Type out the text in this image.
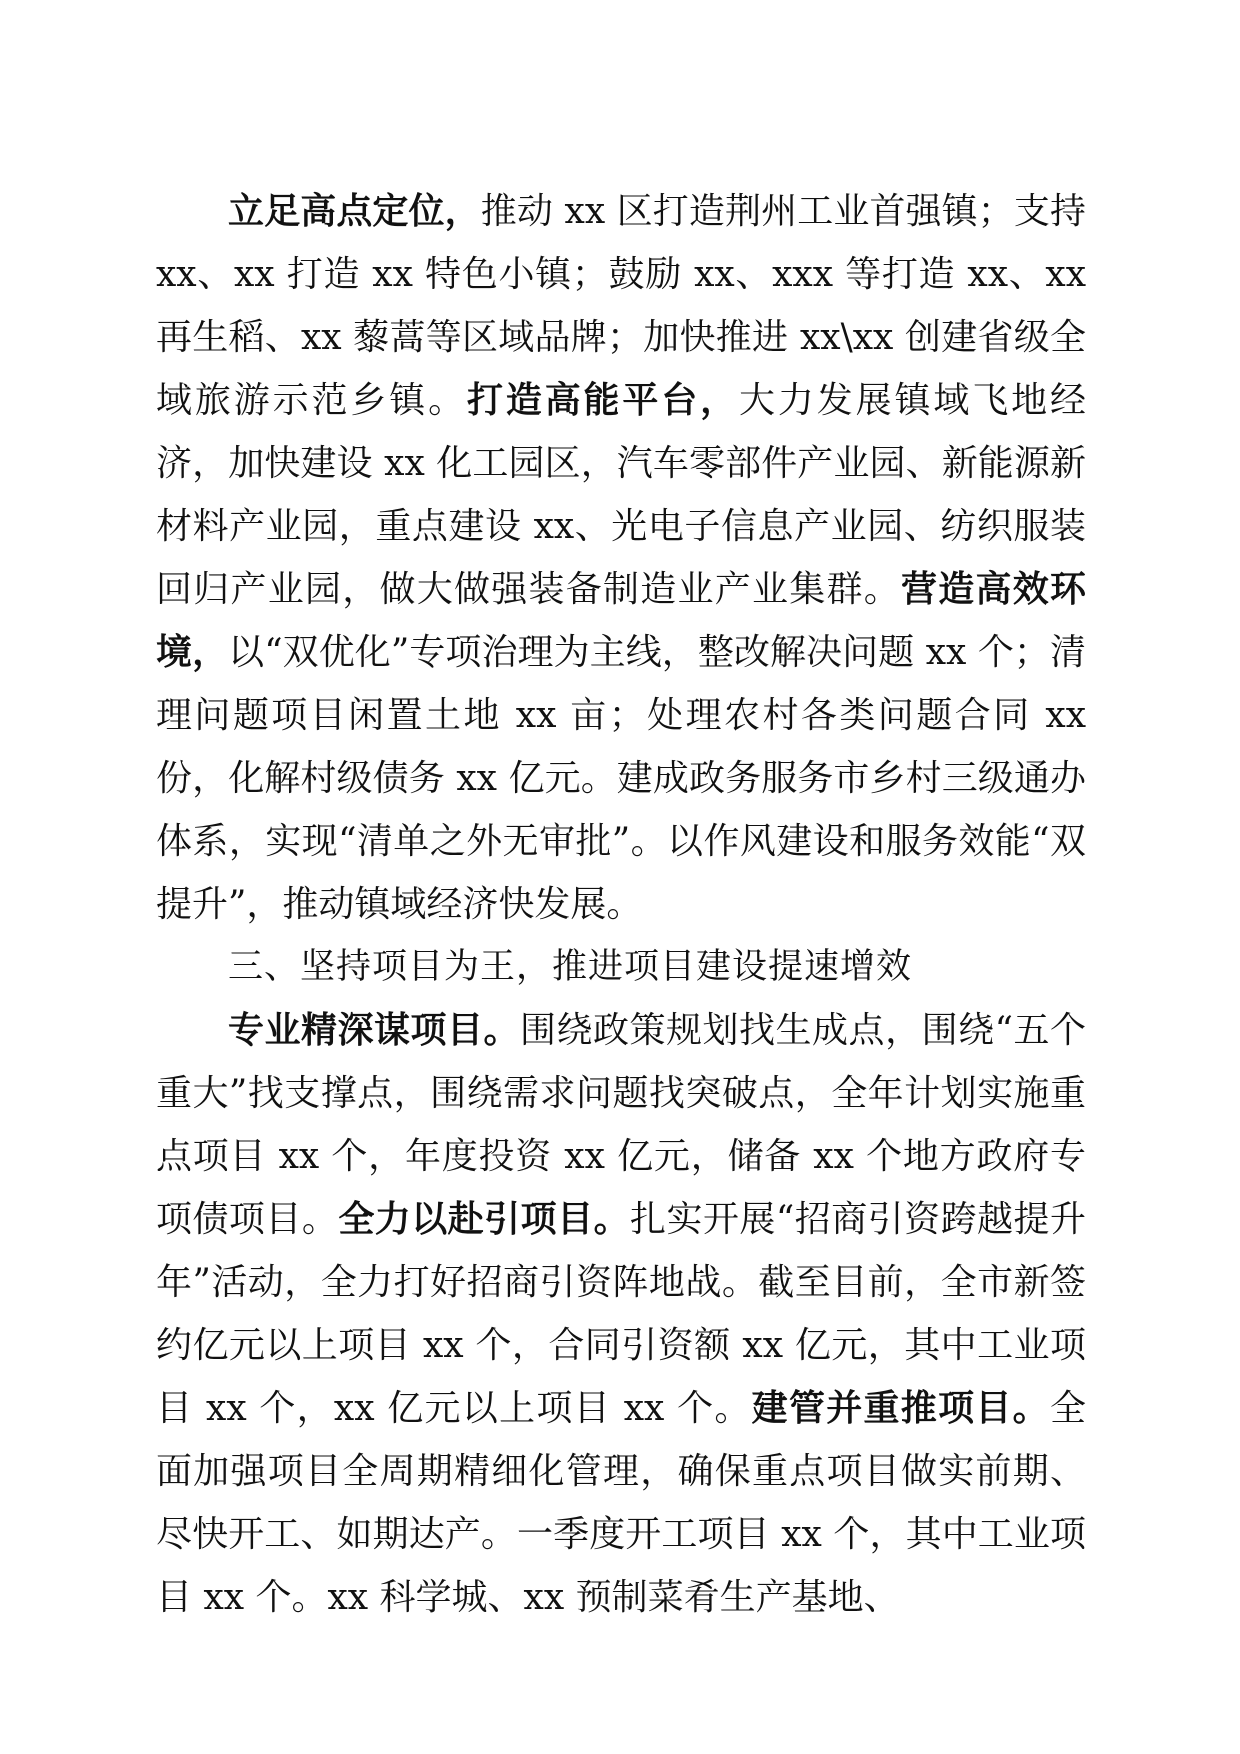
立足高点定位，推动 xx 区打造荆州工业首强镇；支持 xx、xx 打造 xx 特色小镇；鼓励 xx、xxx 等打造 xx、xx 再生稻、xx 藜蒿等区域品牌；加快推进 xx\xx 创建省级全域旅游示范乡镇。打造高能平台，大力发展镇域飞地经济，加快建设 xx 化工园区，汽车零部件产业园、新能源新材料产业园，重点建设 xx、光电子信息产业园、纺织服装回归产业园，做大做强装备制造业产业集群。营造高效环境，以“双优化”专项治理为主线，整改解决问题 xx 个；清理问题项目闲置土地 xx 亩；处理农村各类问题合同 xx 份，化解村级债务 xx 亿元。建成政务服务市乡村三级通办体系，实现“清单之外无审批”。以作风建设和服务效能“双提升”，推动镇域经济快发展。

三、坚持项目为王，推进项目建设提速增效

专业精深谋项目。围绕政策规划找生成点，围绕“五个重大”找支撑点，围绕需求问题找突破点，全年计划实施重点项目 xx 个，年度投资 xx 亿元，储备 xx 个地方政府专项债项目。全力以赴引项目。扎实开展“招商引资跨越提升年”活动，全力打好招商引资阵地战。截至目前，全市新签约亿元以上项目 xx 个，合同引资额 xx 亿元，其中工业项目 xx 个，xx 亿元以上项目 xx 个。建管并重推项目。全面加强项目全周期精细化管理，确保重点项目做实前期、尽快开工、如期达产。一季度开工项目 xx 个，其中工业项目 xx 个。xx 科学城、xx 预制菜肴生产基地、
